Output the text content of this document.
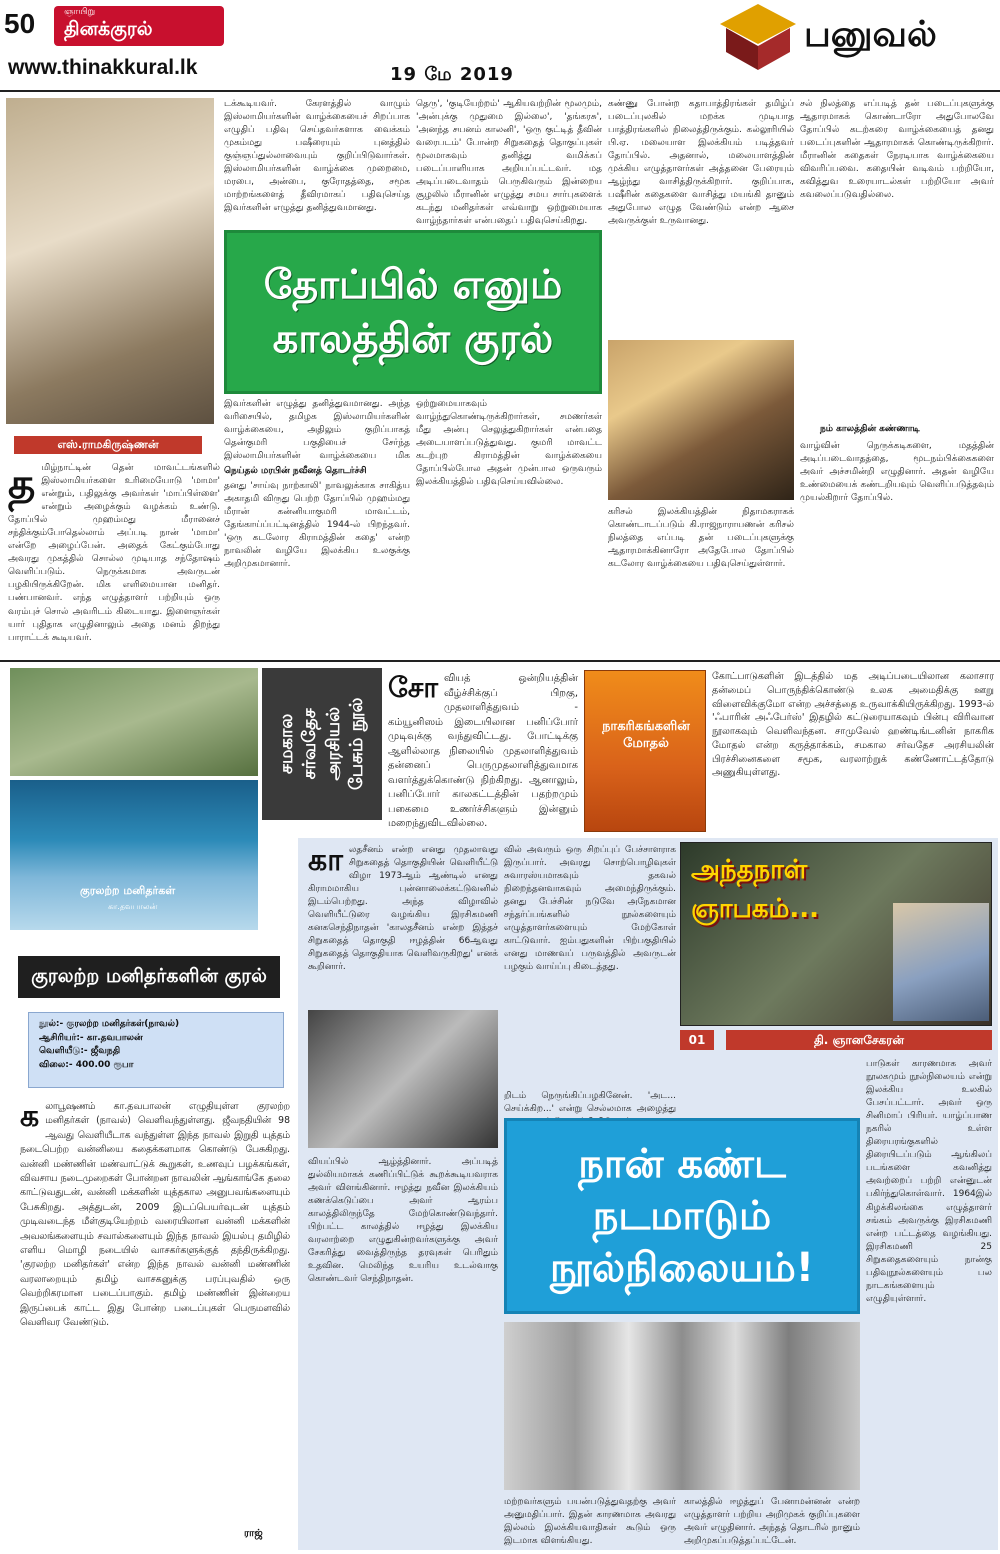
50	ஞாயிறு
தினக்குரல்
www.thinakkural.lk	19 மே 2019
பனுவல்
எஸ்.ராமகிருஷ்ணன்
த மிழ்நாட்டின் தென் மாவட்டங்களில் இஸ்லாமியர்களை உரிமையோடு 'மாமா' என்றும், பதிலுக்கு அவர்கள் 'மாப்பிள்ளை' என்றும் அழைக்கும் வழக்கம் உண்டு. தோப்பில் முஹம்மது மீரானைச் சந்திக்கும்போதெல்லாம் அப்படி நான் 'மாமா' என்றே அழைப்பேன். அதைக் கேட்கும்போது அவரது முகத்தில் சொல்ல முடியாத சந்தோஷம் வெளிப்படும். நெருக்கமாக அவருடன் பழகியிருக்கிறேன். மிக எளிமையான மனிதர். பண்பானவர். எந்த எழுத்தாளர் பற்றியும் ஒரு வரம்புச் சொல் அவரிடம் கிடையாது. இளைஞர்கள் யார் புதிதாக எழுதினாலும் அதை மனம் திறந்து பாராட்டக் கூடியவர்.
டக்கூடியவர். கேரளத்தில் வாழும் இஸ்லாமியர்களின் வாழ்க்கையைச் சிறப்பாக எழுதிப் பதிவு செய்தவர்களாக வைக்கம் முகம்மது பஷீரையும் புனத்தில் குஞ்ஞப்துல்லாவையும் குறிப்பிடுவார்கள். இஸ்லாமியர்களின் வாழ்க்கை முறைமை, மரபை, அன்பை, குரோதத்தை, சமூக மாற்றங்களைத் தீவிரமாகப் பதிவுசெய்த இவர்களின் எழுத்து தனித்துவமானது.
தெரு', 'குடியேற்றம்' ஆகியவற்றின் மூலமும், 'அன்புக்கு முதுமை இல்லை', 'தங்கரசு', 'அனந்த சயனம் காலனி', 'ஒரு குட்டித் தீவின் வரைபடம்' போன்ற சிறுகதைத் தொகுப்புகள் மூலமாகவும் தனித்து வமிக்கப் படைப்பாளியாக அறியப்பட்டவர். மத அடிப்படைவாதம் பெருகிவரும் இன்றைய சூழலில் மீரானின் எழுத்து சமய சார்புகளைக் கடந்து மனிதர்கள் எவ்வாறு ஒற்றுமையாக வாழ்ந்தார்கள் என்பதைப் பதிவுசெய்கிறது.
கண்ணு போன்ற கதாபாத்திரங்கள் தமிழ்ப் படைப்புலகில் மறக்க முடியாத பாத்திரங்களில் நிலைத்திருக்கும். கல்லூரியில் பி.ஏ. மலையாள இலக்கியம் படித்தவர் தோப்பில். அதனால், மலையாளத்தின் முக்கிய எழுத்தாளர்கள் அத்தனை பேரையும் ஆழ்ந்து வாசித்திருக்கிறார். குறிப்பாக, பஷீரின் கதைகளை வாசித்து மயங்கி தானும் அதுபோல எழுத வேண்டும் என்ற ஆசை அவருக்குள் உருவானது.
சல் நிலத்தை எப்படித் தன் படைப்புகளுக்கு ஆதாரமாகக் கொண்டாரோ அதுபோலவே தோப்பில் கடற்கரை வாழ்க்கையைத் தனது படைப்புகளின் ஆதாரமாகக் கொண்டிருக்கிறார். மீரானின் கதைகள் நேரடியாக வாழ்க்கையை விவரிப்பவை. கதையின் வடிவம் பற்றியோ, கவித்துவ உரையாடல்கள் பற்றியோ அவர் கவலைப்படுவதில்லை.
தோப்பில் எனும் காலத்தின் குரல்
இவர்களின் எழுத்து தனித்துவமானது. அந்த வரிசையில், தமிழக இஸ்லாமியர்களின் வாழ்க்கையை, அதிலும் குறிப்பாகத் தென்குமரி பகுதியைச் சேர்ந்த இஸ்லாமியர்களின் வாழ்க்கையை மிக
நெய்தல் மரபின் நவீனத் தொடர்ச்சி
தனது 'சாய்வு நாற்காலி' நாவலுக்காக சாகித்ய அகாதமி விருது பெற்ற தோப்பில் முஹம்மது மீரான் கன்னியாகுமரி மாவட்டம், தேங்காய்ப்பட்டினத்தில் 1944-ல் பிறந்தவர். 'ஒரு கடலோர கிராமத்தின் கதை' என்ற நாவலின் வழியே இலக்கிய உலகுக்கு அறிமுகமானார்.
ஒற்றுமையாகவும் வாழ்ந்துகொண்டிருக்கிறார்கள், சமணர்கள் மீது அன்பு செலுத்துகிறார்கள் என்பதை அடையாளப்படுத்துவது. குமரி மாவட்ட கடற்புற கிராமத்தின் வாழ்க்கையை தோப்பில்போல அதன் முன்பால ஒருவரும் இலக்கியத்தில் பதிவுசெய்யவில்லை.
கரிசல் இலக்கியத்தின் நிதாமகராகக் கொண்டாடப்படும் கி.ராஜநாராயணன் கரிசல் நிலத்தை எப்படி தன் படைப்புகளுக்கு ஆதாரமாக்கினாரோ அதேபோல தோப்பில் கடலோர வாழ்க்கையை பதிவுசெய்துள்ளார்.
நம் காலத்தின் கண்ணாடி
வாழ்வின் நெருக்கடிகளை, மதத்தின் அடிப்படைவாதத்தை, மூடநம்பிக்கைகளை அவர் அச்சமின்றி எழுதினார். அதன் வழியே உண்மையைக் கண்டறியவும் வெளிப்படுத்தவும் முயல்கிறார் தோப்பில்.
சமகால சர்வதேச அரசியல் பேசும் நூல்
சோ வியத் ஒன்றியத்தின் வீழ்ச்சிக்குப் பிறகு, முதலாளித்துவம் - கம்யூனிஸம் இடையிலான பனிப்போர் முடிவுக்கு வந்துவிட்டது. போட்டிக்கு ஆளில்லாத நிலையில் முதலாளித்துவம் தன்னைப் பெருமுதலாளித்துவமாக வளர்த்துக்கொண்டு நிற்கிறது. ஆனாலும், பனிப்போர் காலகட்டத்தின் பதற்றமும் பகைமை உணர்ச்சிகளும் இன்னும் மறைந்துவிடவில்லை.
நாகரிகங்களின் மோதல்
கோட்பாடுகளின் இடத்தில் மத அடிப்படையிலான கலாசார தன்மைப் பொருந்திக்கொண்டு உலக அமைதிக்கு ஊறு விளைவிக்குமோ என்ற அச்சத்தை உருவாக்கியிருக்கிறது. 1993-ல் 'ஃபாரின் அஃபேர்ஸ்' இதழில் கட்டுரையாகவும் பின்பு விரிவான நூலாகவும் வெளிவந்தன. சாமுவேல் ஹண்டிங்டனின் நாகரிக மோதல் என்ற கருத்தாக்கம், சமகால சர்வதேச அரசியலின் பிரச்சினைகளை சமூக, வரலாற்றுக் கண்ணோட்டத்தோடு அணுகியுள்ளது.
குரலற்ற மனிதர்கள்
கா.தவபாலன்
குரலற்ற மனிதர்களின் குரல்
நூல்:- குரலற்ற மனிதர்கள்(நாவல்)
ஆசிரியர்:- கா.தவபாலன்
வெளியீடு:- ஜீவநதி
விலை:- 400.00 ரூபா
க லாபூஷணம் கா.தவபாலன் எழுதியுள்ள குரலற்ற மனிதர்கள் (நாவல்) வெளிவந்துள்ளது. ஜீவநதியின் 98 ஆவது வெளியீடாக வந்துள்ள இந்த நாவல் இறுதி யுத்தம் நடைபெற்ற வன்னியை கதைக்களமாக கொண்டு பேசுகிறது. வன்னி மண்ணின் மண்வாட்டுக் கூறுகள், உணவுப் பழக்கங்கள், விவசாய நடைமுறைகள் போன்றன நாவலின் ஆங்காங்கே தலை காட்டுவதுடன், வன்னி மக்களின் யுத்தகால அனுபவங்களையும் பேசுகிறது. அத்துடன், 2009 இடப்பெயர்வுடன் யுத்தம் முடிவடைந்த மீள்குடியேற்றம் வரையிலான வன்னி மக்களின் அவலங்களையும் சவால்களையும் இந்த நாவல் இயல்பு தமிழில் எளிய மொழி நடையில் வாசகர்களுக்குத் தந்திருக்கிறது. 'குரலற்ற மனிதர்கள்' என்ற இந்த நாவல் வன்னி மண்ணின் வரலாறையும் தமிழ் வாசகனுக்கு பரப்புவதில் ஒரு வெற்றிகரமான படைப்பாகும். தமிழ் மண்ணின் இன்றைய இருப்பைக் காட்ட இது போன்ற படைப்புகள் பெருமளவில் வெளிவர வேண்டும்.
ராஜ்
கா லதசீனம் என்ற எனது முதலாவது சிறுகதைத் தொகுதியின் வெளியீட்டு விழா 1973ஆம் ஆண்டில் எனது கிராமமாகிய புன்னாலைக்கட்டுவனில் இடம்பெற்றது. அந்த விழாவில் வெளியீட்டுரை வழங்கிய இரசிகமணி கனகசெந்திநாதன் 'காலதசீனம் என்ற இத்தச் சிறுகதைத் தொகுதி ஈழத்தின் 66ஆவது சிறுகதைத் தொகுதியாக வெளிவருகிறது' எனக் கூறினார்.
வில் அவரும் ஒரு சிறப்புப் பேச்சாளராக இருப்பார். அவரது சொற்பொழிவுகள் சுவாரஸ்யமாகவும் தகவல் நிறைந்தனவாகவும் அமைந்திருக்கும். தனது பேச்சின் நடுவே அநேகமான சந்தர்ப்பங்களில் நூல்களையும் எழுத்தாளர்களையும் மேற்கோள் காட்டுவார். ஐம்பதுகளின் பிற்பகுதியில் எனது மாணவப் பருவத்தில் அவருடன் பழகும் வாய்ப்பு கிடைத்தது.
அந்தநாள் ஞாபகம்...
01	தி. ஞானசேகரன்
றிடம் நெருங்கிப்பழகினேன். 'அட... செய்க்கிற...' என்று செல்லமாக அழைத்து
பாடுகள் காரணமாக அவர் நூலகமும் நூல்நிலையம் என்று இலக்கிய உலகில் பேசப்பட்டார். அவர் ஒரு சினிமாப் பிரியர். யாழ்ப்பாண நகரில் உள்ள திரையரங்குகளில் திரையிடப்படும் ஆங்கிலப் படங்களை கவனித்து அவற்றைப் பற்றி என்னுடன் பகிர்ந்துகொள்வார். 1964இல் கிழக்கிலங்கை எழுத்தாளர் சங்கம் அவருக்கு இரசிகமணி என்ற பட்டத்தை வழங்கியது. இரசிகமணி 25 சிறுகதைகளையும் நான்கு பதிவுநூல்களையும் பல நாடகங்களையும் எழுதியுள்ளார்.
நான் கண்ட நடமாடும் நூல்நிலையம்!
வியப்பில் ஆழ்த்தினார். அப்படித் துல்லியமாகக் கணிப்பிட்டுக் கூறக்கூடியவராக அவர் விளங்கினார். ஈழத்து நவீன இலக்கியம் கணக்கெடுப்பை அவர் ஆரம்ப காலத்திலிருந்தே மேற்கொண்டுவந்தார். பிற்பட்ட காலத்தில் ஈழத்து இலக்கிய வரலாற்றை எழுதுகின்றவர்களுக்கு அவர் சேகரித்து வைத்திருந்த தரவுகள் பெரிதும் உதவின. மெலிந்த உயரிய உடல்வாகு கொண்டவர் செந்திநாதன்.
மற்றவர்களும் பயன்படுத்துவதற்கு அவர் அனுமதிப்பார். இதன் காரணமாக அவரது இல்லம் இலக்கியவாதிகள் கூடும் ஒரு இடமாக விளங்கியது.
காலத்தில் ஈழத்துப் பேனாமன்னன் என்ற எழுத்தாளர் பற்றிய அறிமுகக் குறிப்புகளை அவர் எழுதினார். அந்தத் தொடரில் நானும் அறிமுகப்படுத்தப்பட்டேன்.
